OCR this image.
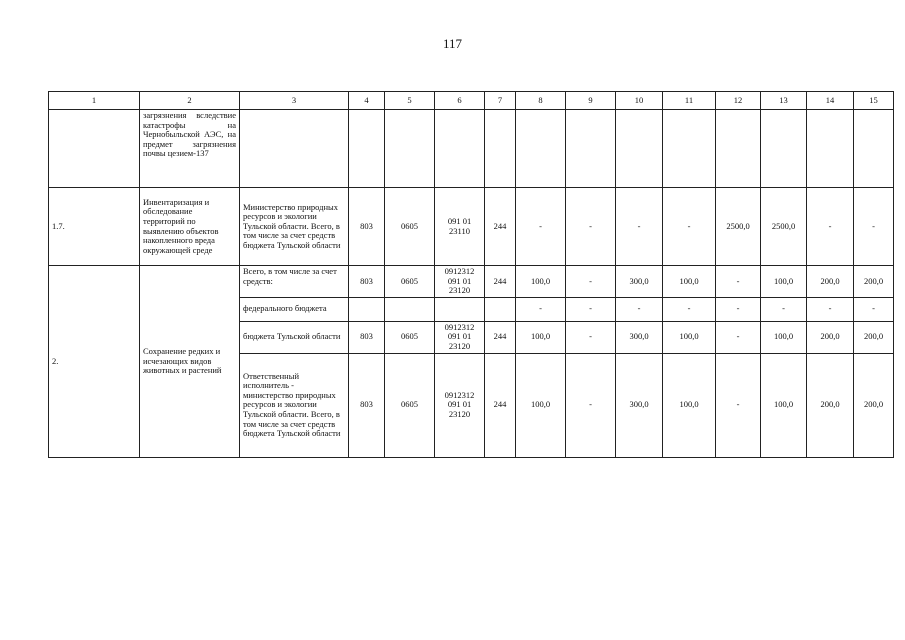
117
1	2	3	4	5	6	7	8	9	10	11	12	13	14	15
	загрязнения вследствие катастрофы на Чернобыльской АЭС, на предмет загрязнения почвы цезием-137													
1.7.	Инвентаризация и обследование территорий по выявлению объектов накопленного вреда окружающей среде	Министерство природных ресурсов и экологии Тульской области. Всего, в том числе за счет средств бюджета Тульской области	803	0605	091 01 23110	244	-	-	-	-	2500,0	2500,0	-	-
2.	Сохранение редких и исчезающих видов животных и растений	Всего, в том числе за счет средств:	803	0605	0912312 091 01 23120	244	100,0	-	300,0	100,0	-	100,0	200,0	200,0
		федерального бюджета					-	-	-	-	-	-	-	-
		бюджета Тульской области	803	0605	0912312 091 01 23120	244	100,0	-	300,0	100,0	-	100,0	200,0	200,0
		Ответственный исполнитель - министерство природных ресурсов и экологии Тульской области. Всего, в том числе за счет средств бюджета Тульской области	803	0605	0912312 091 01 23120	244	100,0	-	300,0	100,0	-	100,0	200,0	200,0
